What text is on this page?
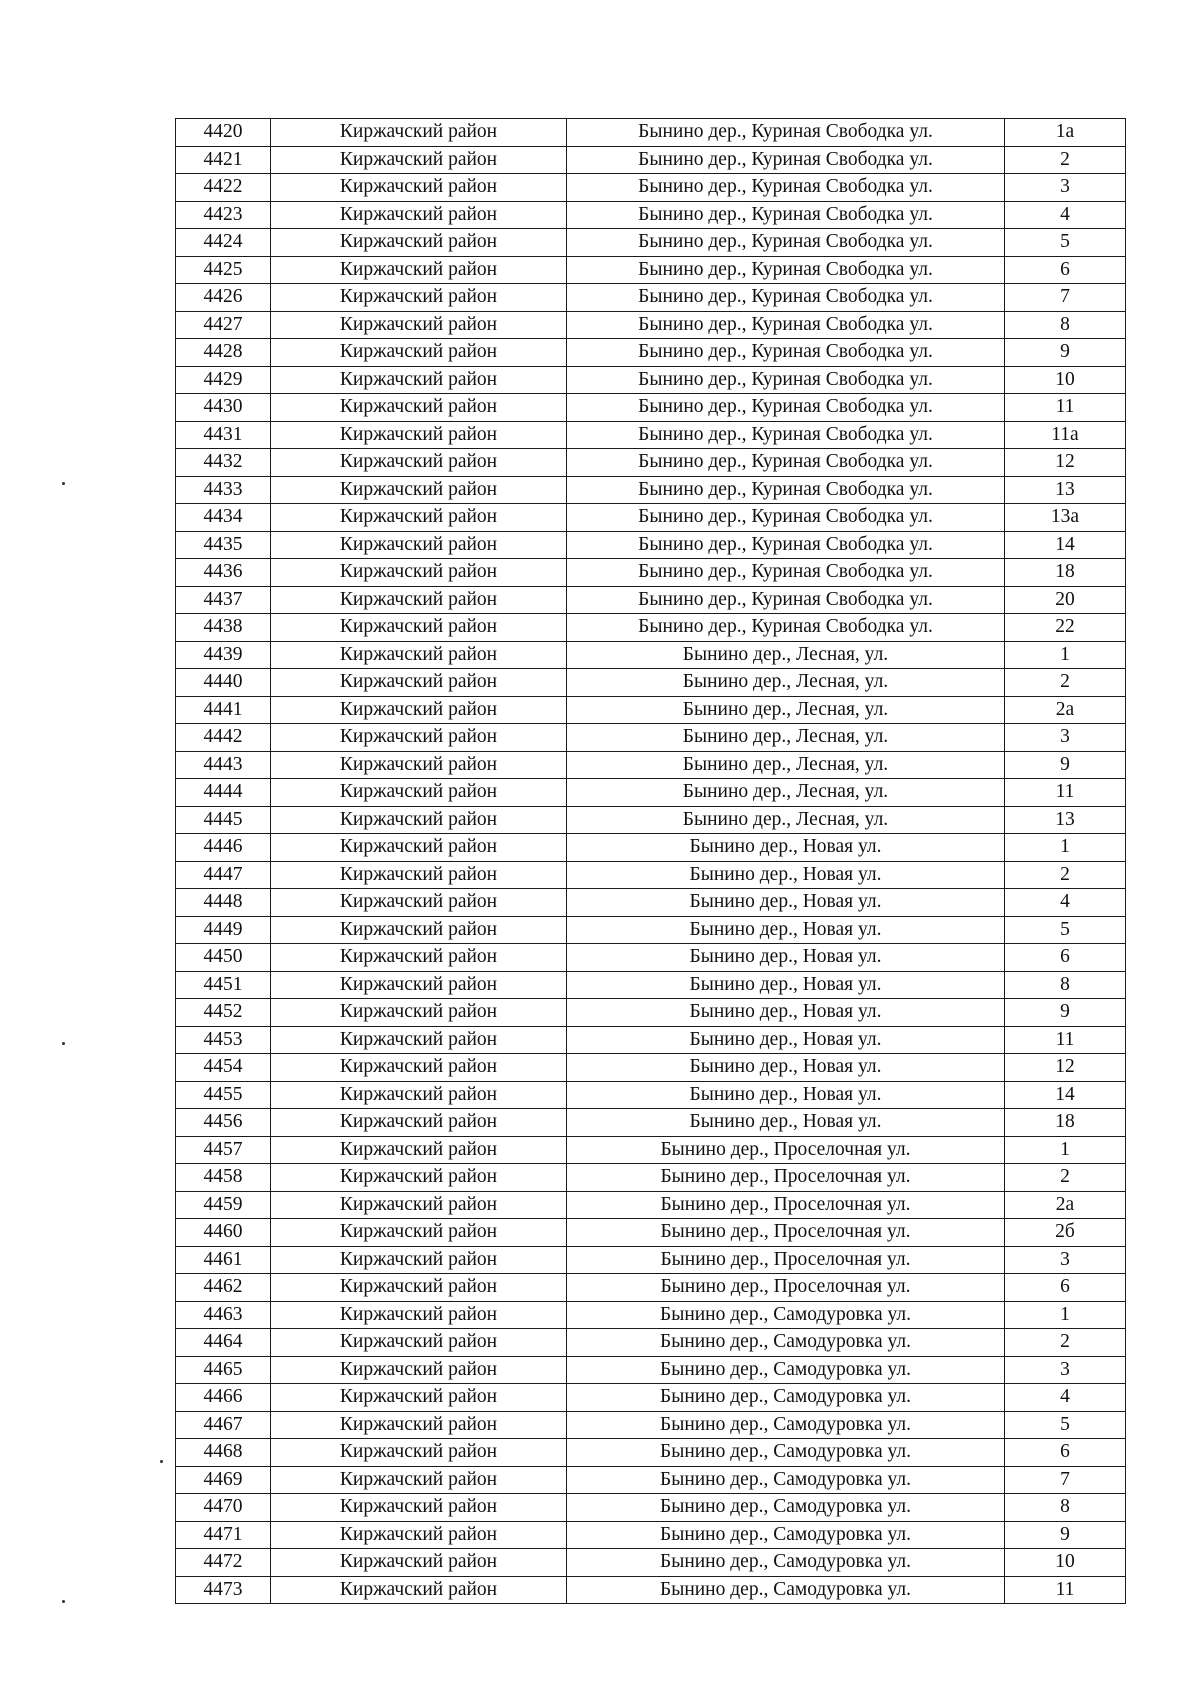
4420	Киржачский район	Бынино дер., Куриная Свободка ул.	1а
4421	Киржачский район	Бынино дер., Куриная Свободка ул.	2
4422	Киржачский район	Бынино дер., Куриная Свободка ул.	3
4423	Киржачский район	Бынино дер., Куриная Свободка ул.	4
4424	Киржачский район	Бынино дер., Куриная Свободка ул.	5
4425	Киржачский район	Бынино дер., Куриная Свободка ул.	6
4426	Киржачский район	Бынино дер., Куриная Свободка ул.	7
4427	Киржачский район	Бынино дер., Куриная Свободка ул.	8
4428	Киржачский район	Бынино дер., Куриная Свободка ул.	9
4429	Киржачский район	Бынино дер., Куриная Свободка ул.	10
4430	Киржачский район	Бынино дер., Куриная Свободка ул.	11
4431	Киржачский район	Бынино дер., Куриная Свободка ул.	11а
4432	Киржачский район	Бынино дер., Куриная Свободка ул.	12
4433	Киржачский район	Бынино дер., Куриная Свободка ул.	13
4434	Киржачский район	Бынино дер., Куриная Свободка ул.	13а
4435	Киржачский район	Бынино дер., Куриная Свободка ул.	14
4436	Киржачский район	Бынино дер., Куриная Свободка ул.	18
4437	Киржачский район	Бынино дер., Куриная Свободка ул.	20
4438	Киржачский район	Бынино дер., Куриная Свободка ул.	22
4439	Киржачский район	Бынино дер., Лесная, ул.	1
4440	Киржачский район	Бынино дер., Лесная, ул.	2
4441	Киржачский район	Бынино дер., Лесная, ул.	2а
4442	Киржачский район	Бынино дер., Лесная, ул.	3
4443	Киржачский район	Бынино дер., Лесная, ул.	9
4444	Киржачский район	Бынино дер., Лесная, ул.	11
4445	Киржачский район	Бынино дер., Лесная, ул.	13
4446	Киржачский район	Бынино дер., Новая ул.	1
4447	Киржачский район	Бынино дер., Новая ул.	2
4448	Киржачский район	Бынино дер., Новая ул.	4
4449	Киржачский район	Бынино дер., Новая ул.	5
4450	Киржачский район	Бынино дер., Новая ул.	6
4451	Киржачский район	Бынино дер., Новая ул.	8
4452	Киржачский район	Бынино дер., Новая ул.	9
4453	Киржачский район	Бынино дер., Новая ул.	11
4454	Киржачский район	Бынино дер., Новая ул.	12
4455	Киржачский район	Бынино дер., Новая ул.	14
4456	Киржачский район	Бынино дер., Новая ул.	18
4457	Киржачский район	Бынино дер., Проселочная ул.	1
4458	Киржачский район	Бынино дер., Проселочная ул.	2
4459	Киржачский район	Бынино дер., Проселочная ул.	2а
4460	Киржачский район	Бынино дер., Проселочная ул.	2б
4461	Киржачский район	Бынино дер., Проселочная ул.	3
4462	Киржачский район	Бынино дер., Проселочная ул.	6
4463	Киржачский район	Бынино дер., Самодуровка ул.	1
4464	Киржачский район	Бынино дер., Самодуровка ул.	2
4465	Киржачский район	Бынино дер., Самодуровка ул.	3
4466	Киржачский район	Бынино дер., Самодуровка ул.	4
4467	Киржачский район	Бынино дер., Самодуровка ул.	5
4468	Киржачский район	Бынино дер., Самодуровка ул.	6
4469	Киржачский район	Бынино дер., Самодуровка ул.	7
4470	Киржачский район	Бынино дер., Самодуровка ул.	8
4471	Киржачский район	Бынино дер., Самодуровка ул.	9
4472	Киржачский район	Бынино дер., Самодуровка ул.	10
4473	Киржачский район	Бынино дер., Самодуровка ул.	11
